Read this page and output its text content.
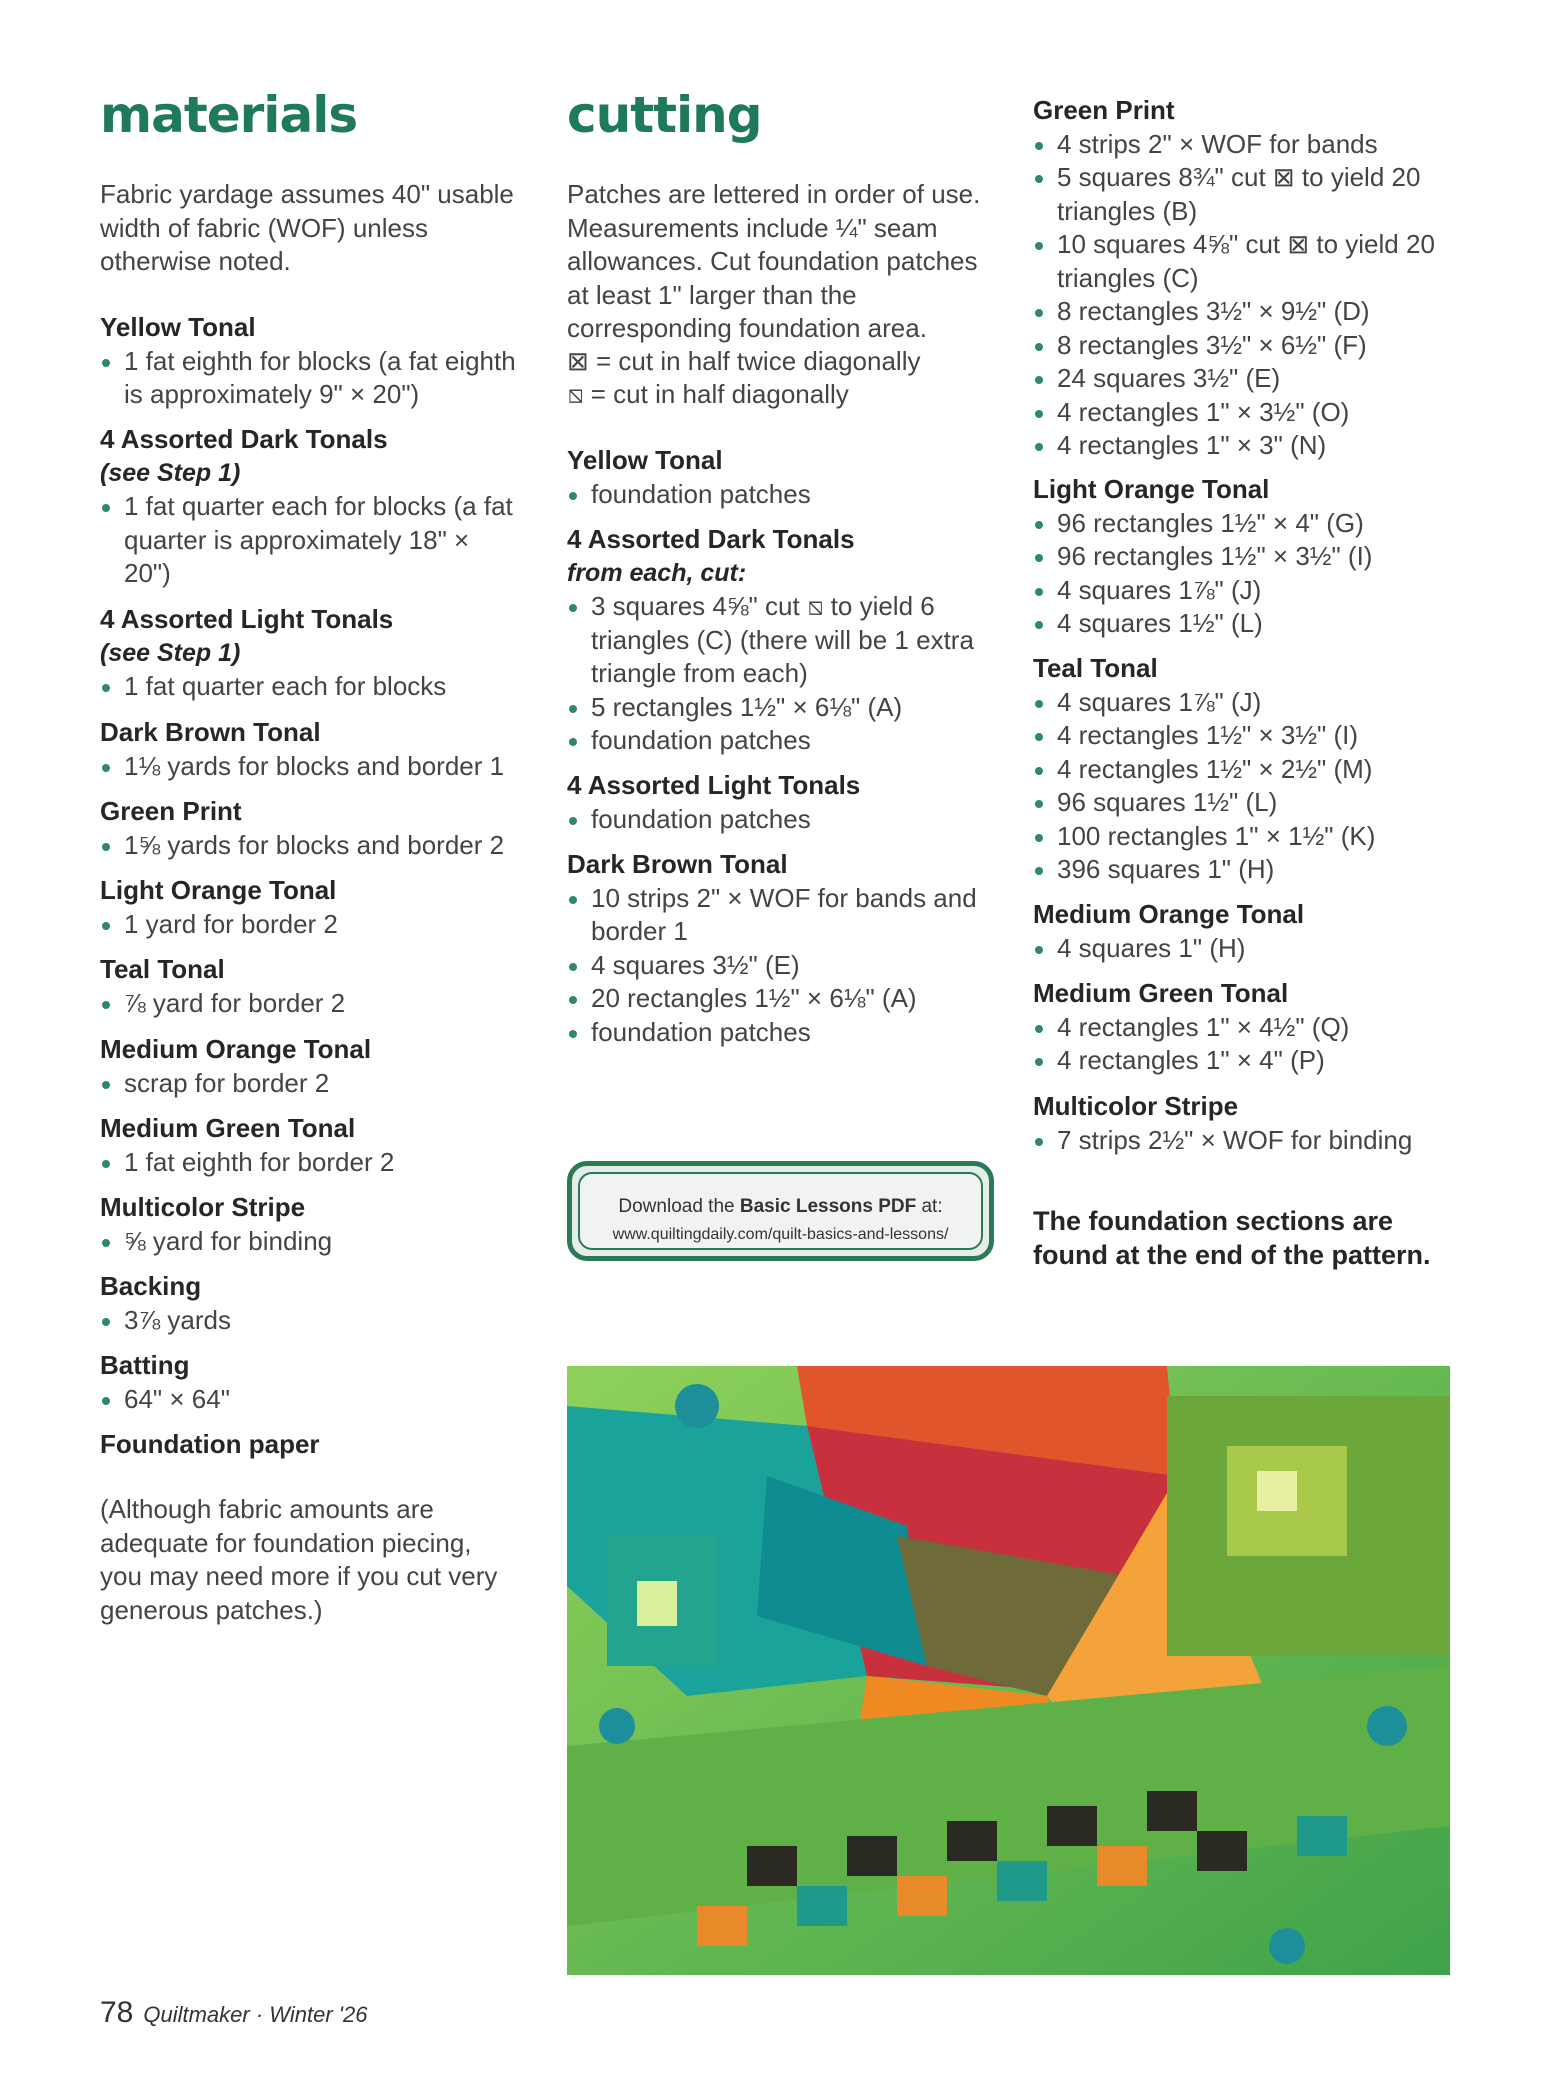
materials
Fabric yardage assumes 40" usable width of fabric (WOF) unless otherwise noted.
Yellow Tonal
1 fat eighth for blocks (a fat eighth is approximately 9" × 20")
4 Assorted Dark Tonals
(see Step 1)
1 fat quarter each for blocks (a fat quarter is approximately 18" × 20")
4 Assorted Light Tonals
(see Step 1)
1 fat quarter each for blocks
Dark Brown Tonal
1⅛ yards for blocks and border 1
Green Print
1⅝ yards for blocks and border 2
Light Orange Tonal
1 yard for border 2
Teal Tonal
⅞ yard for border 2
Medium Orange Tonal
scrap for border 2
Medium Green Tonal
1 fat eighth for border 2
Multicolor Stripe
⅝ yard for binding
Backing
3⅞ yards
Batting
64" × 64"
Foundation paper
(Although fabric amounts are adequate for foundation piecing, you may need more if you cut very generous patches.)
cutting
Patches are lettered in order of use. Measurements include ¼" seam allowances. Cut foundation patches at least 1" larger than the corresponding foundation area.
⊠ = cut in half twice diagonally
⧅ = cut in half diagonally
Yellow Tonal
foundation patches
4 Assorted Dark Tonals
from each, cut:
3 squares 4⅝" cut ⧅ to yield 6 triangles (C) (there will be 1 extra triangle from each)
5 rectangles 1½" × 6⅛" (A)
foundation patches
4 Assorted Light Tonals
foundation patches
Dark Brown Tonal
10 strips 2" × WOF for bands and border 1
4 squares 3½" (E)
20 rectangles 1½" × 6⅛" (A)
foundation patches
Download the Basic Lessons PDF at:
www.quiltingdaily.com/quilt-basics-and-lessons/
Green Print
4 strips 2" × WOF for bands
5 squares 8¾" cut ⊠ to yield 20 triangles (B)
10 squares 4⅝" cut ⊠ to yield 20 triangles (C)
8 rectangles 3½" × 9½" (D)
8 rectangles 3½" × 6½" (F)
24 squares 3½" (E)
4 rectangles 1" × 3½" (O)
4 rectangles 1" × 3" (N)
Light Orange Tonal
96 rectangles 1½" × 4" (G)
96 rectangles 1½" × 3½" (I)
4 squares 1⅞" (J)
4 squares 1½" (L)
Teal Tonal
4 squares 1⅞" (J)
4 rectangles 1½" × 3½" (I)
4 rectangles 1½" × 2½" (M)
96 squares 1½" (L)
100 rectangles 1" × 1½" (K)
396 squares 1" (H)
Medium Orange Tonal
4 squares 1" (H)
Medium Green Tonal
4 rectangles 1" × 4½" (Q)
4 rectangles 1" × 4" (P)
Multicolor Stripe
7 strips 2½" × WOF for binding
The foundation sections are found at the end of the pattern.
78 Quiltmaker · Winter '26
